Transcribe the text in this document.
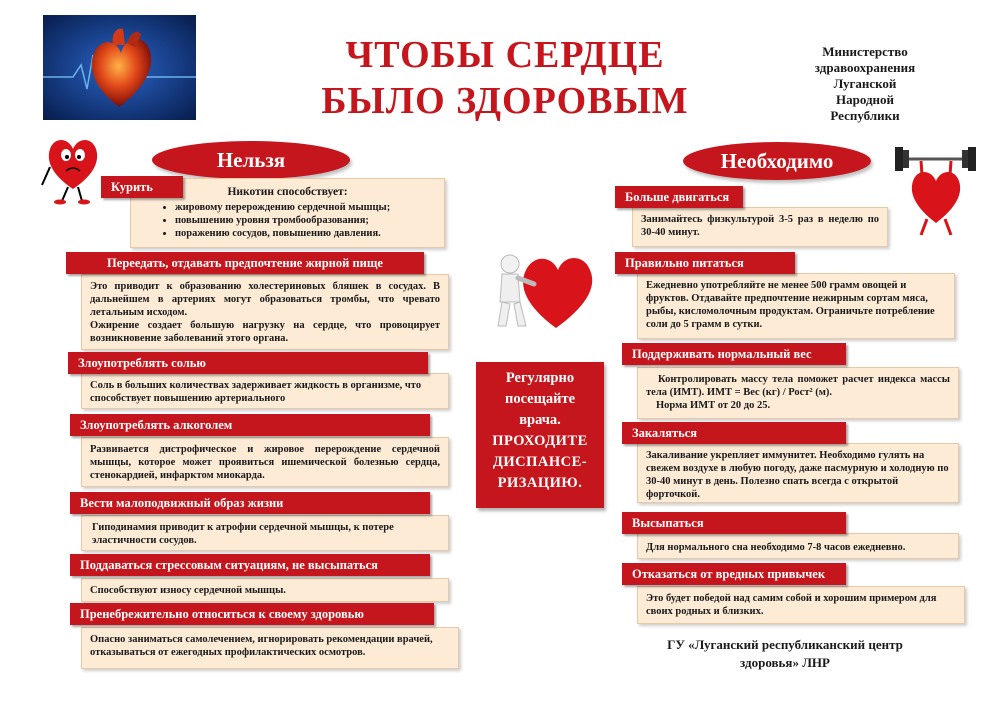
ЧТОБЫ СЕРДЦЕ
БЫЛО ЗДОРОВЫМ
Министерство
здравоохранения
Луганской
Народной
Республики
Нельзя

Никотин способствует:

• жировому перерождению сердечной мышцы;
• повышению уровня тромбообразования;
• поражению сосудов, повышению давления.
Курить

Это приводит к образованию холестериновых бляшек в сосудах. В дальнейшем в артериях могут образоваться тромбы, что чревато летальным исходом.

Ожирение создает большую нагрузку на сердце, что провоцирует возникновение заболеваний этого органа.

Переедать, отдавать предпочтение жирной пище

Соль в больших количествах задерживает жидкость в организме, что способствует повышению артериального

Злоупотреблять солью

Развивается дистрофическое и жировое перерождение сердечной мышцы, которое может проявиться ишемической болезнью сердца, стенокардией, инфарктом миокарда.

Злоупотреблять алкоголем

Гиподинамия приводит к атрофии сердечной мышцы, к потере эластичности сосудов.

Вести малоподвижный образ жизни

Способствуют износу сердечной мышцы.

Поддаваться стрессовым ситуациям, не высыпаться

Опасно заниматься самолечением, игнорировать рекомендации врачей, отказываться от ежегодных профилактических осмотров.

Пренебрежительно относиться к своему здоровью
Регулярно
посещайте
врача.
ПРОХОДИТЕ
ДИСПАНСЕ-
РИЗАЦИЮ.
Необходимо

Занимайтесь физкультурой 3-5 раз в неделю по 30-40 минут.

Больше двигаться

Ежедневно употребляйте не менее 500 грамм овощей и фруктов. Отдавайте предпочтение нежирным сортам мяса, рыбы, кисломолочным продуктам. Ограничьте потребление соли до 5 грамм в сутки.

Правильно питаться

Контролировать массу тела поможет расчет индекса массы тела (ИМТ). ИМТ = Вес (кг) / Рост² (м).

Норма ИМТ от 20 до 25.

Поддерживать нормальный вес

Закаливание укрепляет иммунитет. Необходимо гулять на свежем воздухе в любую погоду, даже пасмурную и холодную по 30-40 минут в день. Полезно спать всегда с открытой форточкой.

Закаляться

Для нормального сна необходимо 7-8 часов ежедневно.

Высыпаться

Это будет победой над самим собой и хорошим примером для своих родных и близких.

Отказаться от вредных привычек
ГУ «Луганский республиканский центр
здоровья» ЛНР
